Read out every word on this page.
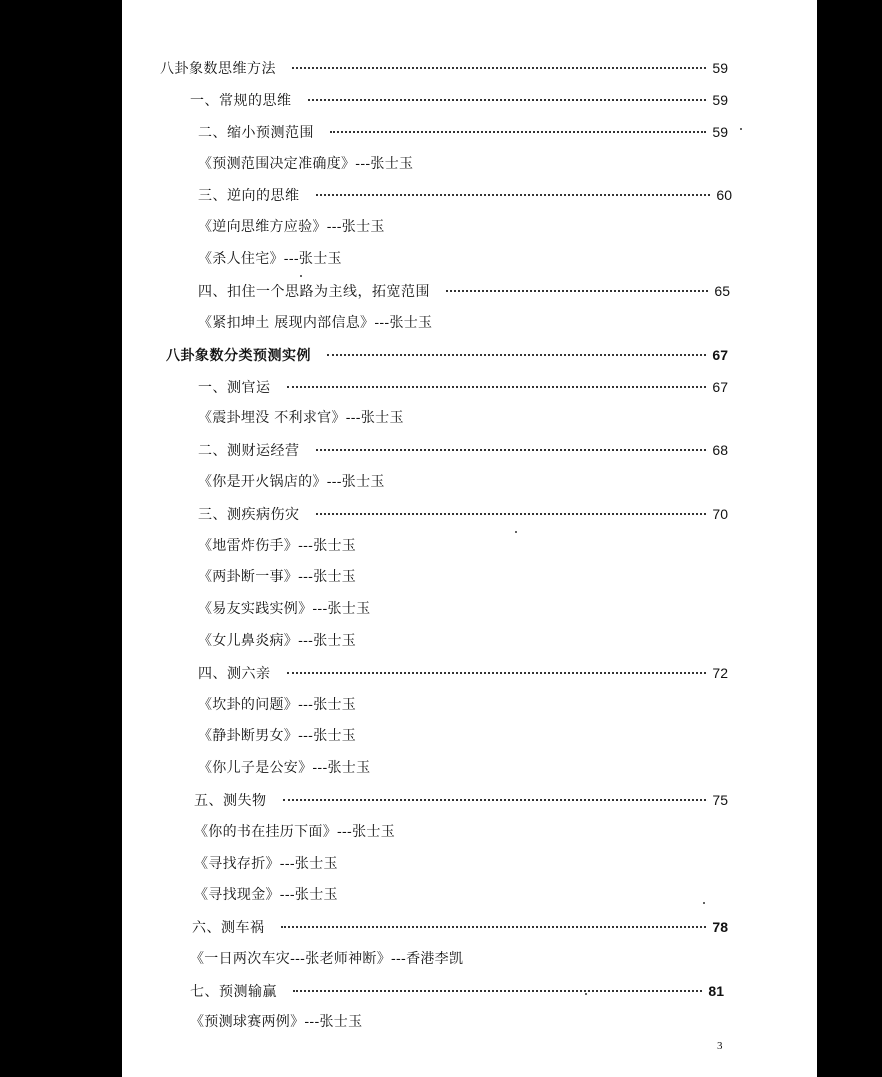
八卦象数思维方法	59
一、常规的思维	59
二、缩小预测范围	59
《预测范围决定准确度》---张士玉
三、逆向的思维	60
《逆向思维方应验》---张士玉
《杀人住宅》---张士玉
四、扣住一个思路为主线，拓宽范围	65
《紧扣坤土 展现内部信息》---张士玉
八卦象数分类预测实例	67
一、测官运	67
《震卦埋没 不利求官》---张士玉
二、测财运经营	68
《你是开火锅店的》---张士玉
三、测疾病伤灾	70
《地雷炸伤手》---张士玉
《两卦断一事》---张士玉
《易友实践实例》---张士玉
《女儿鼻炎病》---张士玉
四、测六亲	72
《坎卦的问题》---张士玉
《静卦断男女》---张士玉
《你儿子是公安》---张士玉
五、测失物	75
《你的书在挂历下面》---张士玉
《寻找存折》---张士玉
《寻找现金》---张士玉
六、测车祸	78
《一日两次车灾---张老师神断》---香港李凯
七、预测输赢	81
《预测球赛两例》---张士玉
3
